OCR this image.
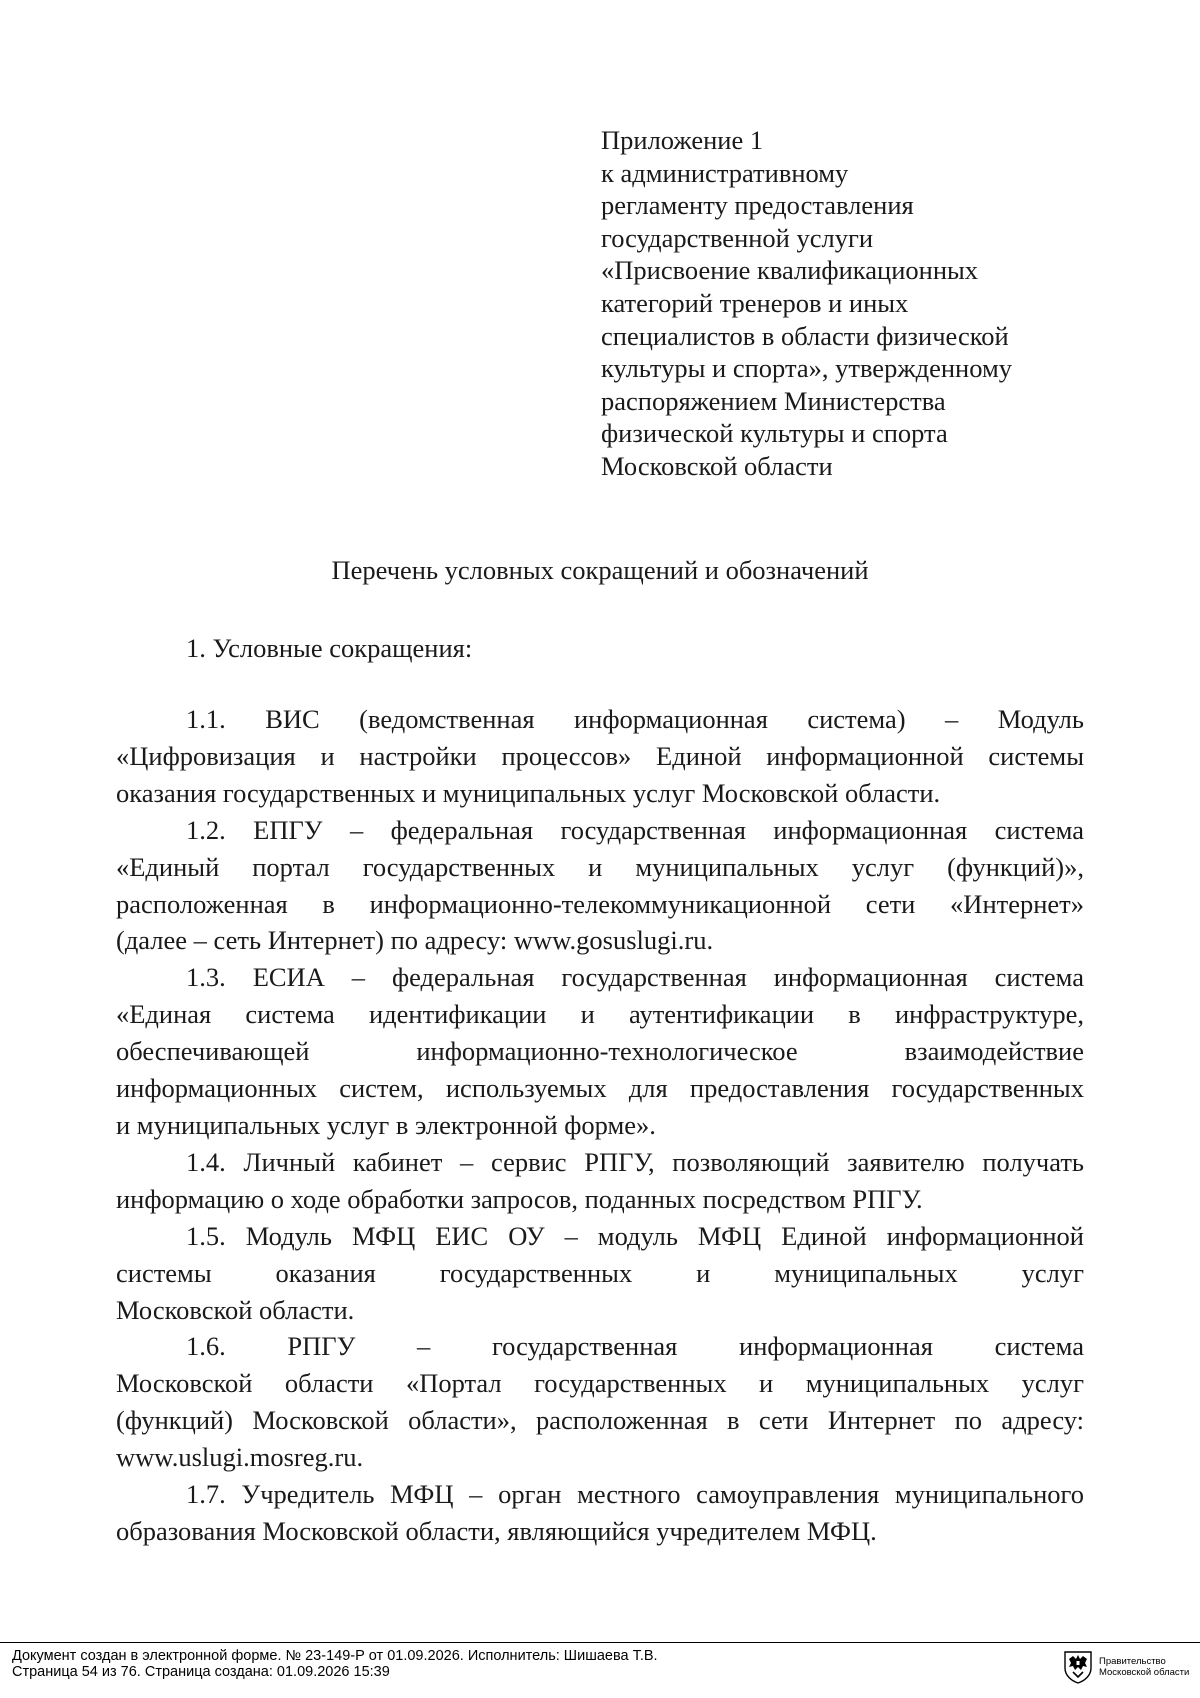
Приложение 1
к административному
регламенту предоставления
государственной услуги
«Присвоение квалификационных
категорий тренеров и иных
специалистов в области физической
культуры и спорта», утвержденному
распоряжением Министерства
физической культуры и спорта
Московской области
Перечень условных сокращений и обозначений
1. Условные сокращения:
1.1. ВИС (ведомственная информационная система) – Модуль
«Цифровизация и настройки процессов» Единой информационной системы
оказания государственных и муниципальных услуг Московской области.
1.2. ЕПГУ – федеральная государственная информационная система
«Единый портал государственных и муниципальных услуг (функций)»,
расположенная в информационно-телекоммуникационной сети «Интернет»
(далее – сеть Интернет) по адресу: www.gosuslugi.ru.
1.3. ЕСИА – федеральная государственная информационная система
«Единая система идентификации и аутентификации в инфраструктуре,
обеспечивающей информационно-технологическое взаимодействие
информационных систем, используемых для предоставления государственных
и муниципальных услуг в электронной форме».
1.4. Личный кабинет – сервис РПГУ, позволяющий заявителю получать
информацию о ходе обработки запросов, поданных посредством РПГУ.
1.5. Модуль МФЦ ЕИС ОУ – модуль МФЦ Единой информационной
системы оказания государственных и муниципальных услуг
Московской области.
1.6. РПГУ – государственная информационная система
Московской области «Портал государственных и муниципальных услуг
(функций) Московской области», расположенная в сети Интернет по адресу:
www.uslugi.mosreg.ru.
1.7. Учредитель МФЦ – орган местного самоуправления муниципального
образования Московской области, являющийся учредителем МФЦ.
Документ создан в электронной форме. № 23-149-Р от 01.09.2026. Исполнитель: Шишаева Т.В.
Страница 54 из 76. Страница создана: 01.09.2026 15:39
Правительство
Московской области
